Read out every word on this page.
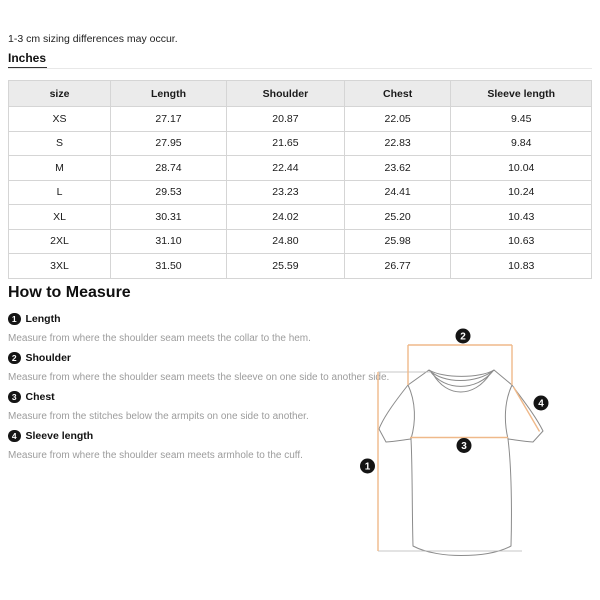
1-3 cm sizing differences may occur.
Inches
size	Length	Shoulder	Chest	Sleeve length
XS	27.17	20.87	22.05	9.45
S	27.95	21.65	22.83	9.84
M	28.74	22.44	23.62	10.04
L	29.53	23.23	24.41	10.24
XL	30.31	24.02	25.20	10.43
2XL	31.10	24.80	25.98	10.63
3XL	31.50	25.59	26.77	10.83
How to Measure
1 Length
Measure from where the shoulder seam meets the collar to the hem.
2 Shoulder
Measure from where the shoulder seam meets the sleeve on one side to another side.
3 Chest
Measure from the stitches below the armpits on one side to another.
4 Sleeve length
Measure from where the shoulder seam meets armhole to the cuff.
2
4
3
1
